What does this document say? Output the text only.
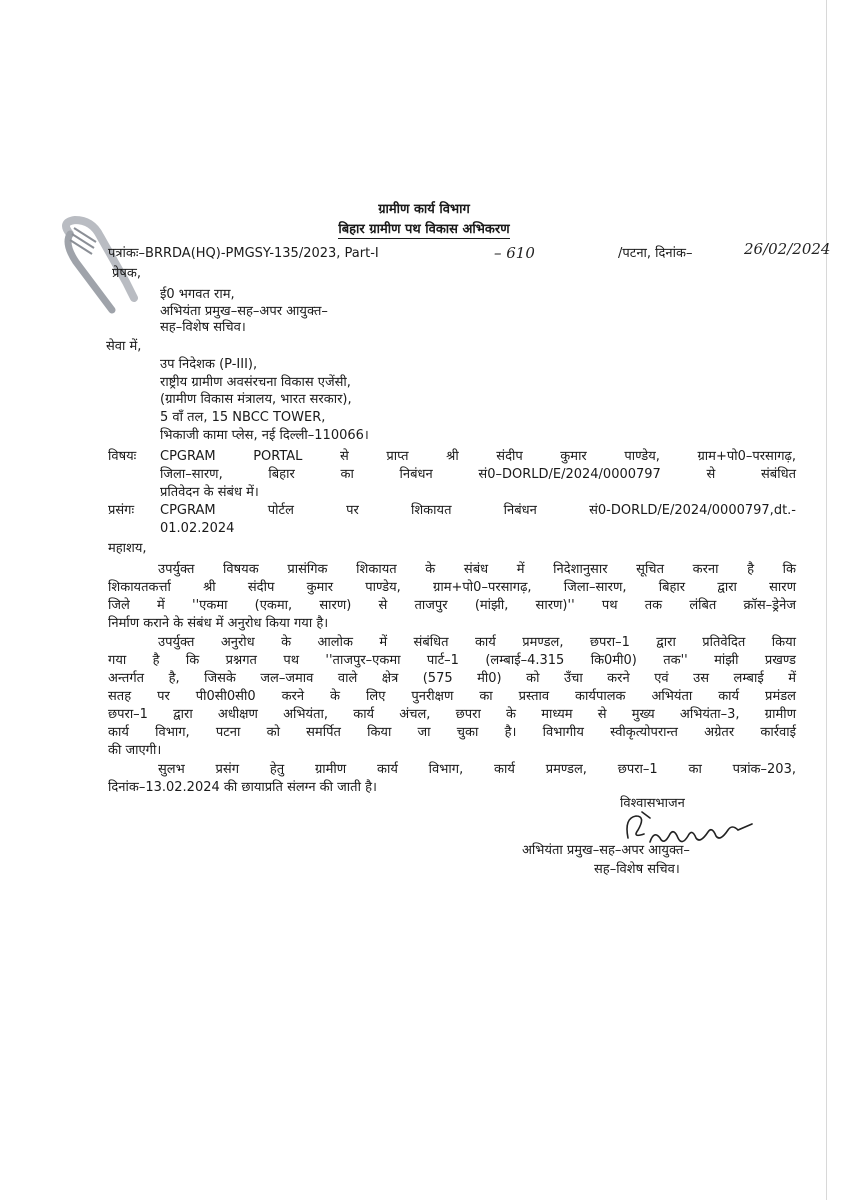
ग्रामीण कार्य विभाग
बिहार ग्रामीण पथ विकास अभिकरण
पत्रांकः–BRRDA(HQ)-PMGSY-135/2023, Part-I	– 610	/पटना, दिनांक–	26/02/2024
प्रेषक,
ई0 भगवत राम,
अभियंता प्रमुख–सह–अपर आयुक्त–
सह–विशेष सचिव।
सेवा में,
उप निदेशक (P-III),
राष्ट्रीय ग्रामीण अवसंरचना विकास एजेंसी,
(ग्रामीण विकास मंत्रालय, भारत सरकार),
5 वाँ तल, 15 NBCC TOWER,
भिकाजी कामा प्लेस, नई दिल्ली–110066।
विषयः CPGRAM PORTAL से प्राप्त श्री संदीप कुमार पाण्डेय, ग्राम+पो0–परसागढ़,
जिला–सारण, बिहार का निबंधन सं0–DORLD/E/2024/0000797 से संबंधित
प्रतिवेदन के संबंध में।
प्रसंगः CPGRAM पोर्टल पर शिकायत निबंधन सं0-DORLD/E/2024/0000797,dt.-
01.02.2024
महाशय,
उपर्युक्त विषयक प्रासंगिक शिकायत के संबंध में निदेशानुसार सूचित करना है कि
शिकायतकर्त्ता श्री संदीप कुमार पाण्डेय, ग्राम+पो0–परसागढ़, जिला–सारण, बिहार द्वारा सारण
जिले में ''एकमा (एकमा, सारण) से ताजपुर (मांझी, सारण)'' पथ तक लंबित क्रॉस–ड्रेनेज
निर्माण कराने के संबंध में अनुरोध किया गया है।
उपर्युक्त अनुरोध के आलोक में संबंधित कार्य प्रमण्डल, छपरा–1 द्वारा प्रतिवेदित किया
गया है कि प्रश्नगत पथ ''ताजपुर–एकमा पार्ट–1 (लम्बाई–4.315 कि0मी0) तक'' मांझी प्रखण्ड
अन्तर्गत है, जिसके जल–जमाव वाले क्षेत्र (575 मी0) को उँचा करने एवं उस लम्बाई में
सतह पर पी0सी0सी0 करने के लिए पुनरीक्षण का प्रस्ताव कार्यपालक अभियंता कार्य प्रमंडल
छपरा–1 द्वारा अधीक्षण अभियंता, कार्य अंचल, छपरा के माध्यम से मुख्य अभियंता–3, ग्रामीण
कार्य विभाग, पटना को समर्पित किया जा चुका है। विभागीय स्वीकृत्योपरान्त अग्रेतर कार्रवाई
की जाएगी।
सुलभ प्रसंग हेतु ग्रामीण कार्य विभाग, कार्य प्रमण्डल, छपरा–1 का पत्रांक–203,
दिनांक–13.02.2024 की छायाप्रति संलग्न की जाती है।
विश्वासभाजन
अभियंता प्रमुख–सह–अपर आयुक्त–
सह–विशेष सचिव।
